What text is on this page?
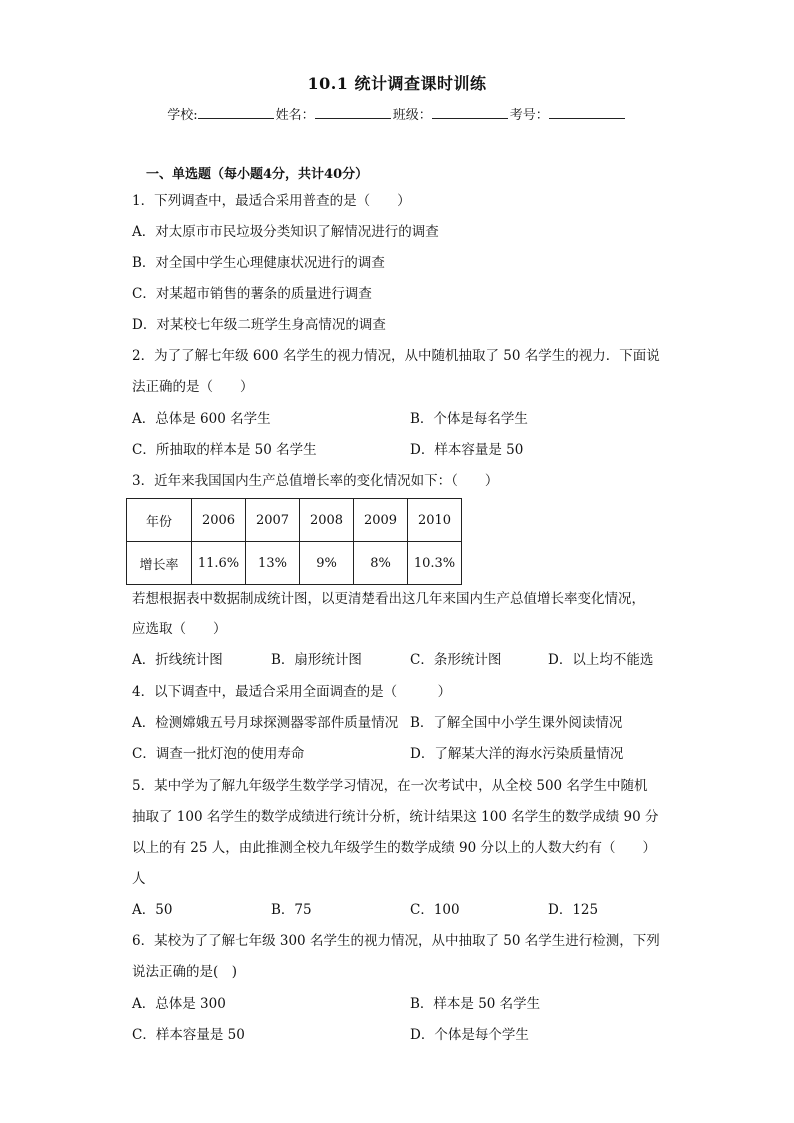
10.1 统计调查课时训练
学校:	姓名：	班级：	考号：
一、单选题（每小题4分，共计40分）
1．下列调查中，最适合采用普查的是（　　）
A．对太原市市民垃圾分类知识了解情况进行的调查
B．对全国中学生心理健康状况进行的调查
C．对某超市销售的薯条的质量进行调查
D．对某校七年级二班学生身高情况的调查
2．为了了解七年级 600 名学生的视力情况，从中随机抽取了 50 名学生的视力．下面说
法正确的是（　　）
A．总体是 600 名学生	B．个体是每名学生
C．所抽取的样本是 50 名学生	D．样本容量是 50
3．近年来我国国内生产总值增长率的变化情况如下：（　　）
年份	2006	2007	2008	2009	2010
增长率	11.6%	13%	9%	8%	10.3%
若想根据表中数据制成统计图，以更清楚看出这几年来国内生产总值增长率变化情况，
应选取（　　）
A．折线统计图	B．扇形统计图	C．条形统计图	D．以上均不能选
4．以下调查中，最适合采用全面调查的是（　　　）
A．检测嫦娥五号月球探测器零部件质量情况 B．了解全国中小学生课外阅读情况
C．调查一批灯泡的使用寿命	D．了解某大洋的海水污染质量情况
5．某中学为了解九年级学生数学学习情况，在一次考试中，从全校 500 名学生中随机
抽取了 100 名学生的数学成绩进行统计分析，统计结果这 100 名学生的数学成绩 90 分
以上的有 25 人，由此推测全校九年级学生的数学成绩 90 分以上的人数大约有（　　）
人
A．50	B．75	C．100	D．125
6．某校为了了解七年级 300 名学生的视力情况，从中抽取了 50 名学生进行检测，下列
说法正确的是(　)
A．总体是 300	B．样本是 50 名学生
C．样本容量是 50	D．个体是每个学生
